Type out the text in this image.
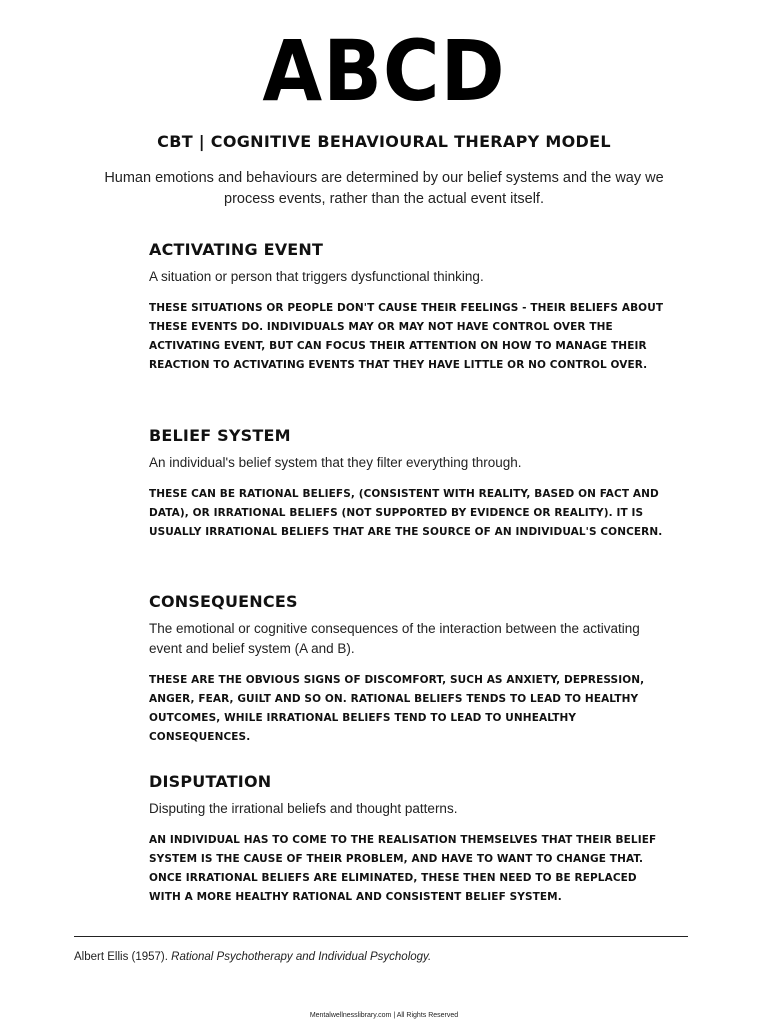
ABCD
CBT | COGNITIVE BEHAVIOURAL THERAPY MODEL
Human emotions and behaviours are determined by our belief systems and the way we process events, rather than the actual event itself.
ACTIVATING EVENT
A situation or person that triggers dysfunctional thinking.
THESE SITUATIONS OR PEOPLE DON'T CAUSE THEIR FEELINGS - THEIR BELIEFS ABOUT THESE EVENTS DO. INDIVIDUALS MAY OR MAY NOT HAVE CONTROL OVER THE ACTIVATING EVENT, BUT CAN FOCUS THEIR ATTENTION ON HOW TO MANAGE THEIR REACTION TO ACTIVATING EVENTS THAT THEY HAVE LITTLE OR NO CONTROL OVER.
BELIEF SYSTEM
An individual's belief system that they filter everything through.
THESE CAN BE RATIONAL BELIEFS, (CONSISTENT WITH REALITY, BASED ON FACT AND DATA), OR IRRATIONAL BELIEFS (NOT SUPPORTED BY EVIDENCE OR REALITY). IT IS USUALLY IRRATIONAL BELIEFS THAT ARE THE SOURCE OF AN INDIVIDUAL'S CONCERN.
CONSEQUENCES
The emotional or cognitive consequences of the interaction between the activating event and belief system (A and B).
THESE ARE THE OBVIOUS SIGNS OF DISCOMFORT, SUCH AS ANXIETY, DEPRESSION, ANGER, FEAR, GUILT AND SO ON. RATIONAL BELIEFS TENDS TO LEAD TO HEALTHY OUTCOMES, WHILE IRRATIONAL BELIEFS TEND TO LEAD TO UNHEALTHY CONSEQUENCES.
DISPUTATION
Disputing the irrational beliefs and thought patterns.
AN INDIVIDUAL HAS TO COME TO THE REALISATION THEMSELVES THAT THEIR BELIEF SYSTEM IS THE CAUSE OF THEIR PROBLEM, AND HAVE TO WANT TO CHANGE THAT. ONCE IRRATIONAL BELIEFS ARE ELIMINATED, THESE THEN NEED TO BE REPLACED WITH A MORE HEALTHY RATIONAL AND CONSISTENT BELIEF SYSTEM.
Albert Ellis (1957). Rational Psychotherapy and Individual Psychology.
Mentalwellnesslibrary.com | All Rights Reserved
